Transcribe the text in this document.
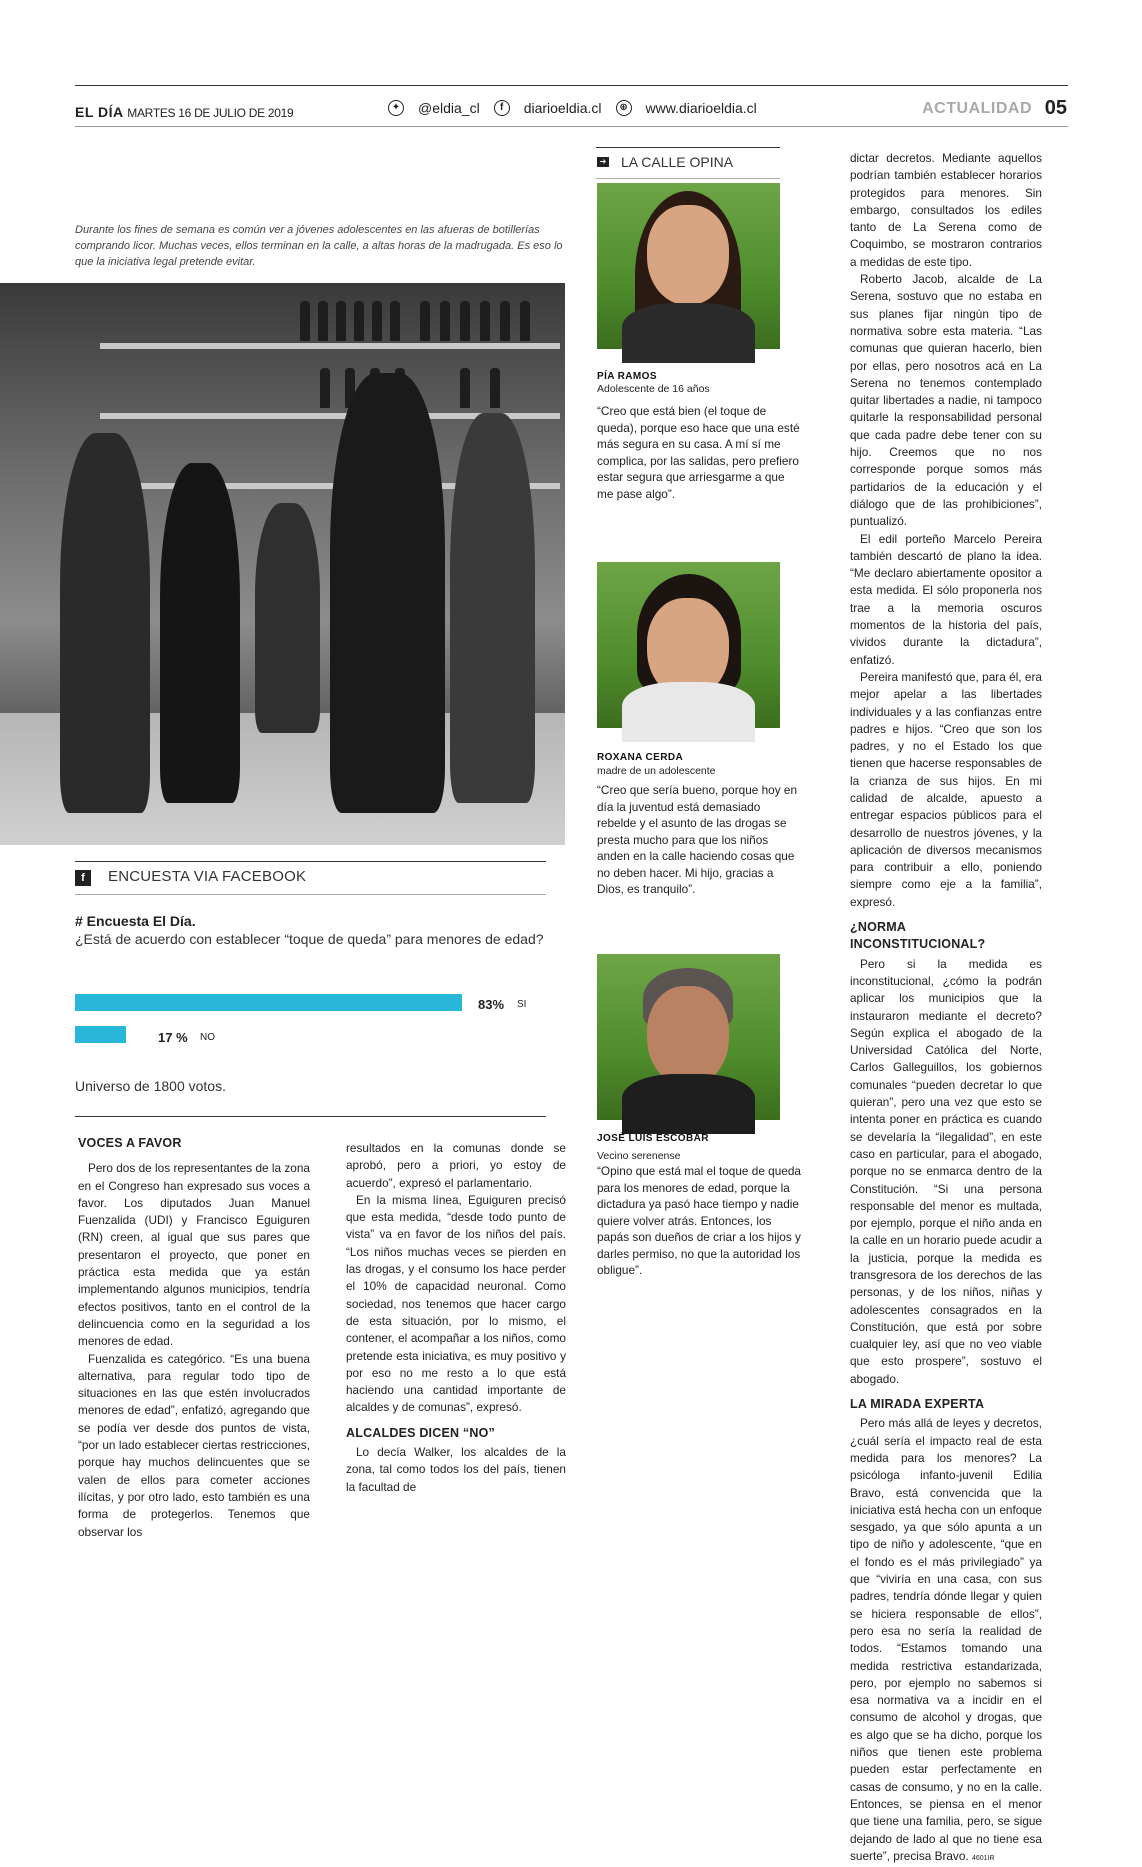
EL DÍA MARTES 16 DE JULIO DE 2019	✦ @eldia_cl	f	diarioeldia.cl	⊕ www.diarioeldia.cl	ACTUALIDAD 05
Durante los fines de semana es común ver a jóvenes adolescentes en las afueras de botillerías comprando licor. Muchas veces, ellos terminan en la calle, a altas horas de la madrugada. Es eso lo que la iniciativa legal pretende evitar.
f	ENCUESTA VIA FACEBOOK
# Encuesta El Día.
¿Está de acuerdo con establecer “toque de queda” para menores de edad?
83% SI
17 % NO
Universo de 1800 votos.
VOCES A FAVOR

Pero dos de los representantes de la zona en el Congreso han expresado sus voces a favor. Los diputados Juan Manuel Fuenzalida (UDI) y Francisco Eguiguren (RN) creen, al igual que sus pares que presentaron el proyecto, que poner en práctica esta medida que ya están implementando algunos municipios, tendría efectos positivos, tanto en el control de la delincuencia como en la seguridad a los menores de edad.

Fuenzalida es categórico. “Es una buena alternativa, para regular todo tipo de situaciones en las que estén involucrados menores de edad”, enfatizó, agregando que se podía ver desde dos puntos de vista, “por un lado establecer ciertas restricciones, porque hay muchos delincuentes que se valen de ellos para cometer acciones ilícitas, y por otro lado, esto también es una forma de protegerlos. Tenemos que observar los

resultados en la comunas donde se aprobó, pero a priori, yo estoy de acuerdo”, expresó el parlamentario.

En la misma línea, Eguiguren precisó que esta medida, “desde todo punto de vista” va en favor de los niños del país. “Los niños muchas veces se pierden en las drogas, y el consumo los hace perder el 10% de capacidad neuronal. Como sociedad, nos tenemos que hacer cargo de esta situación, por lo mismo, el contener, el acompañar a los niños, como pretende esta iniciativa, es muy positivo y por eso no me resto a lo que está haciendo una cantidad importante de alcaldes y de comunas”, expresó.

ALCALDES DICEN “NO”

Lo decía Walker, los alcaldes de la zona, tal como todos los del país, tienen la facultad de

➔ LA CALLE OPINA
PÍA RAMOS
Adolescente de 16 años
“Creo que está bien (el toque de queda), porque eso hace que una esté más segura en su casa. A mí sí me complica, por las salidas, pero prefiero estar segura que arriesgarme a que me pase algo”.
ROXANA CERDA
madre de un adolescente
“Creo que sería bueno, porque hoy en día la juventud está demasiado rebelde y el asunto de las drogas se presta mucho para que los niños anden en la calle haciendo cosas que no deben hacer. Mi hijo, gracias a Dios, es tranquilo”.
JOSÉ LUIS ESCOBAR
Vecino serenense
“Opino que está mal el toque de queda para los menores de edad, porque la dictadura ya pasó hace tiempo y nadie quiere volver atrás. Entonces, los papás son dueños de criar a los hijos y darles permiso, no que la autoridad los obligue”.

dictar decretos. Mediante aquellos podrían también establecer horarios protegidos para menores. Sin embargo, consultados los ediles tanto de La Serena como de Coquimbo, se mostraron contrarios a medidas de este tipo.

Roberto Jacob, alcalde de La Serena, sostuvo que no estaba en sus planes fijar ningún tipo de normativa sobre esta materia. “Las comunas que quieran hacerlo, bien por ellas, pero nosotros acá en La Serena no tenemos contemplado quitar libertades a nadie, ni tampoco quitarle la responsabilidad personal que cada padre debe tener con su hijo. Creemos que no nos corresponde porque somos más partidarios de la educación y el diálogo que de las prohibiciones”, puntualizó.

El edil porteño Marcelo Pereira también descartó de plano la idea. “Me declaro abiertamente opositor a esta medida. El sólo proponerla nos trae a la memoria oscuros momentos de la historia del país, vividos durante la dictadura”, enfatizó.

Pereira manifestó que, para él, era mejor apelar a las libertades individuales y a las confianzas entre padres e hijos. “Creo que son los padres, y no el Estado los que tienen que hacerse responsables de la crianza de sus hijos. En mi calidad de alcalde, apuesto a entregar espacios públicos para el desarrollo de nuestros jóvenes, y la aplicación de diversos mecanismos para contribuir a ello, poniendo siempre como eje a la familia”, expresó.

¿NORMA INCONSTITUCIONAL?

Pero si la medida es inconstitucional, ¿cómo la podrán aplicar los municipios que la instauraron mediante el decreto? Según explica el abogado de la Universidad Católica del Norte, Carlos Galleguillos, los gobiernos comunales “pueden decretar lo que quieran”, pero una vez que esto se intenta poner en práctica es cuando se develaría la “ilegalidad”, en este caso en particular, para el abogado, porque no se enmarca dentro de la Constitución. “Si una persona responsable del menor es multada, por ejemplo, porque el niño anda en la calle en un horario puede acudir a la justicia, porque la medida es transgresora de los derechos de las personas, y de los niños, niñas y adolescentes consagrados en la Constitución, que está por sobre cualquier ley, así que no veo viable que esto prospere”, sostuvo el abogado.

LA MIRADA EXPERTA

Pero más allá de leyes y decretos, ¿cuál sería el impacto real de esta medida para los menores? La psicóloga infanto-juvenil Edilia Bravo, está convencida que la iniciativa está hecha con un enfoque sesgado, ya que sólo apunta a un tipo de niño y adolescente, “que en el fondo es el más privilegiado” ya que “viviría en una casa, con sus padres, tendría dónde llegar y quien se hiciera responsable de ellos”, pero esa no sería la realidad de todos. “Estamos tomando una medida restrictiva estandarizada, pero, por ejemplo no sabemos si esa normativa va a incidir en el consumo de alcohol y drogas, que es algo que se ha dicho, porque los niños que tienen este problema pueden estar perfectamente en casas de consumo, y no en la calle. Entonces, se piensa en el menor que tiene una familia, pero, se sigue dejando de lado al que no tiene esa suerte”, precisa Bravo. 4601IR
